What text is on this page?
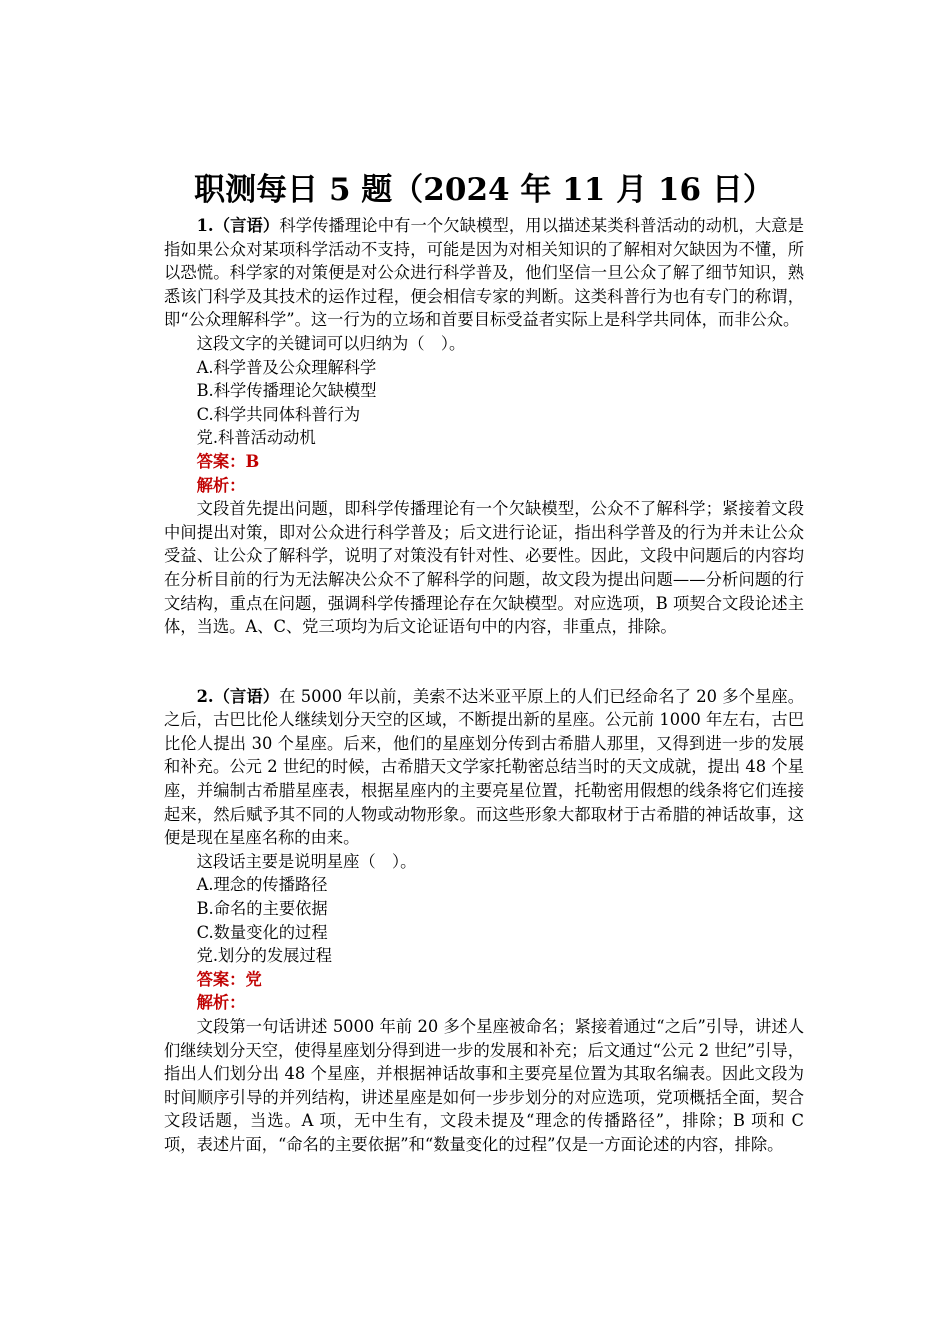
职测每日 5 题（2024 年 11 月 16 日）

1.（言语）科学传播理论中有一个欠缺模型，用以描述某类科普活动的动机，大意是指如果公众对某项科学活动不支持，可能是因为对相关知识的了解相对欠缺因为不懂，所以恐慌。科学家的对策便是对公众进行科学普及，他们坚信一旦公众了解了细节知识，熟悉该门科学及其技术的运作过程，便会相信专家的判断。这类科普行为也有专门的称谓，即“公众理解科学”。这一行为的立场和首要目标受益者实际上是科学共同体，而非公众。

这段文字的关键词可以归纳为（　）。

A.科学普及公众理解科学

B.科学传播理论欠缺模型

C.科学共同体科普行为

党.科普活动动机

答案：B

解析：

文段首先提出问题，即科学传播理论有一个欠缺模型，公众不了解科学；紧接着文段中间提出对策，即对公众进行科学普及；后文进行论证，指出科学普及的行为并未让公众受益、让公众了解科学，说明了对策没有针对性、必要性。因此，文段中问题后的内容均在分析目前的行为无法解决公众不了解科学的问题，故文段为提出问题——分析问题的行文结构，重点在问题，强调科学传播理论存在欠缺模型。对应选项，B 项契合文段论述主体，当选。A、C、党三项均为后文论证语句中的内容，非重点，排除。

2.（言语）在 5000 年以前，美索不达米亚平原上的人们已经命名了 20 多个星座。之后，古巴比伦人继续划分天空的区域，不断提出新的星座。公元前 1000 年左右，古巴比伦人提出 30 个星座。后来，他们的星座划分传到古希腊人那里，又得到进一步的发展和补充。公元 2 世纪的时候，古希腊天文学家托勒密总结当时的天文成就，提出 48 个星座，并编制古希腊星座表，根据星座内的主要亮星位置，托勒密用假想的线条将它们连接起来，然后赋予其不同的人物或动物形象。而这些形象大都取材于古希腊的神话故事，这便是现在星座名称的由来。

这段话主要是说明星座（　）。

A.理念的传播路径

B.命名的主要依据

C.数量变化的过程

党.划分的发展过程

答案：党

解析：

文段第一句话讲述 5000 年前 20 多个星座被命名；紧接着通过“之后”引导，讲述人们继续划分天空，使得星座划分得到进一步的发展和补充；后文通过“公元 2 世纪”引导，指出人们划分出 48 个星座，并根据神话故事和主要亮星位置为其取名编表。因此文段为时间顺序引导的并列结构，讲述星座是如何一步步划分的对应选项，党项概括全面，契合文段话题，当选。A 项，无中生有，文段未提及“理念的传播路径”，排除；B 项和 C 项，表述片面，“命名的主要依据”和“数量变化的过程”仅是一方面论述的内容，排除。
